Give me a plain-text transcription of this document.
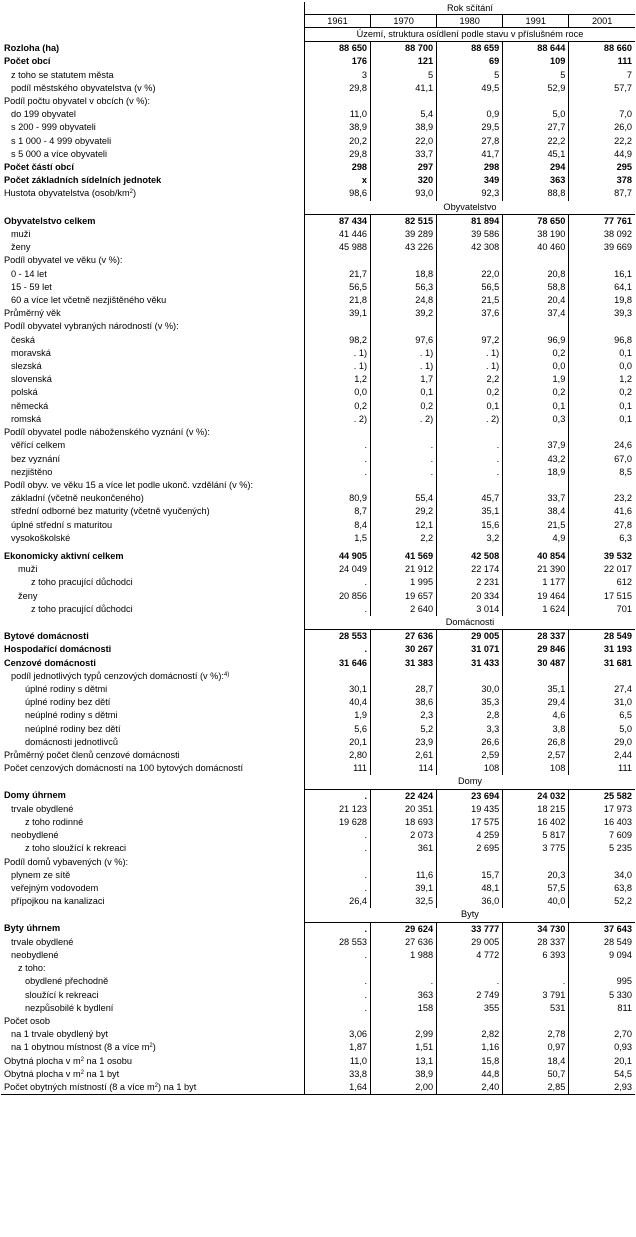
	Rok sčítání				
	1961	1970	1980	1991	2001
	Území, struktura osídlení podle stavu v příslušném roce				
Rozloha (ha)	88 650	88 700	88 659	88 644	88 660
Počet obcí	176	121	69	109	111
z toho se statutem města	3	5	5	5	7
podíl městského obyvatelstva (v %)	29,8	41,1	49,5	52,9	57,7
Podíl počtu obyvatel v obcích (v %):					
do 199 obyvatel	11,0	5,4	0,9	5,0	7,0
s 200 - 999 obyvateli	38,9	38,9	29,5	27,7	26,0
s 1 000 - 4 999 obyvateli	20,2	22,0	27,8	22,2	22,2
s 5 000 a více obyvateli	29,8	33,7	41,7	45,1	44,9
Počet částí obcí	298	297	298	294	295
Počet základních sídelních jednotek	x	320	349	363	378
Hustota obyvatelstva $(osob/km^2)$	98,6	93,0	92,3	88,8	87,7
	Obyvatelstvo				
Obyvatelstvo celkem	87 434	82 515	81 894	78 650	77 761
muži	41 446	39 289	39 586	38 190	38 092
ženy	45 988	43 226	42 308	40 460	39 669
Podíl obyvatel ve věku (v %):					
0 - 14 let	21,7	18,8	22,0	20,8	16,1
15 - 59 let	56,5	56,3	56,5	58,8	64,1
60 a více let včetně nezjištěného věku	21,8	24,8	21,5	20,4	19,8
Průměrný věk	39,1	39,2	37,6	37,4	39,3
Podíl obyvatel vybraných národností (v %):					
česká	98,2	97,6	97,2	96,9	96,8
moravská	. 1)	. 1)	. 1)	0,2	0,1
slezská	. 1)	. 1)	. 1)	0,0	0,0
slovenská	1,2	1,7	2,2	1,9	1,2
polská	0,0	0,1	0,2	0,2	0,2
německá	0,2	0,2	0,1	0,1	0,1
romská	. 2)	. 2)	. 2)	0,3	0,1
Podíl obyvatel podle náboženského vyznání (v %):					
věřící celkem	.	.	.	37,9	24,6
bez vyznání	.	.	.	43,2	67,0
nezjištěno	.	.	.	18,9	8,5
Podíl obyv. ve věku 15 a více let podle ukonč. vzdělání (v %):					
základní (včetně neukončeného)	80,9	55,4	45,7	33,7	23,2
střední odborné bez maturity (včetně vyučených)	8,7	29,2	35,1	38,4	41,6
úplné střední s maturitou	8,4	12,1	15,6	21,5	27,8
vysokoškolské	1,5	2,2	3,2	4,9	6,3

Ekonomicky aktivní celkem	44 905	41 569	42 508	40 854	39 532
muži	24 049	21 912	22 174	21 390	22 017
z toho pracující důchodci	.	1 995	2 231	1 177	612
ženy	20 856	19 657	20 334	19 464	17 515
z toho pracující důchodci	.	2 640	3 014	1 624	701
	Domácnosti				
Bytové domácnosti	28 553	27 636	29 005	28 337	28 549
Hospodařící domácnosti	.	30 267	31 071	29 846	31 193
Cenzové domácnosti	31 646	31 383	31 433	30 487	31 681
podíl jednotlivých typů cenzových domácností (v %):$^{4)}$					
úplné rodiny s dětmi	30,1	28,7	30,0	35,1	27,4
úplné rodiny bez dětí	40,4	38,6	35,3	29,4	31,0
neúplné rodiny s dětmi	1,9	2,3	2,8	4,6	6,5
neúplné rodiny bez dětí	5,6	5,2	3,3	3,8	5,0
domácnosti jednotlivců	20,1	23,9	26,6	26,8	29,0
Průměrný počet členů cenzové domácnosti	2,80	2,61	2,59	2,57	2,44
Počet cenzových domácností na 100 bytových domácností	111	114	108	108	111
	Domy				
Domy úhrnem	.	22 424	23 694	24 032	25 582
trvale obydlené	21 123	20 351	19 435	18 215	17 973
z toho rodinné	19 628	18 693	17 575	16 402	16 403
neobydlené	.	2 073	4 259	5 817	7 609
z toho sloužící k rekreaci	.	361	2 695	3 775	5 235
Podíl domů vybavených (v %):					
plynem ze sítě	.	11,6	15,7	20,3	34,0
veřejným vodovodem	.	39,1	48,1	57,5	63,8
přípojkou na kanalizaci	26,4	32,5	36,0	40,0	52,2
	Byty				
Byty úhrnem	.	29 624	33 777	34 730	37 643
trvale obydlené	28 553	27 636	29 005	28 337	28 549
neobydlené	.	1 988	4 772	6 393	9 094
z toho:					
obydlené přechodně	.	.	.	.	995
sloužící k rekreaci	.	363	2 749	3 791	5 330
nezpůsobilé k bydlení	.	158	355	531	811
Počet osob					
na 1 trvale obydlený byt	3,06	2,99	2,82	2,78	2,70
na 1 obytnou místnost (8 a více $m^2$)	1,87	1,51	1,16	0,97	0,93
Obytná plocha v $m^2$ na 1 osobu	11,0	13,1	15,8	18,4	20,1
Obytná plocha v $m^2$ na 1 byt	33,8	38,9	44,8	50,7	54,5
Počet obytných místností (8 a více $m^2$) na 1 byt	1,64	2,00	2,40	2,85	2,93
